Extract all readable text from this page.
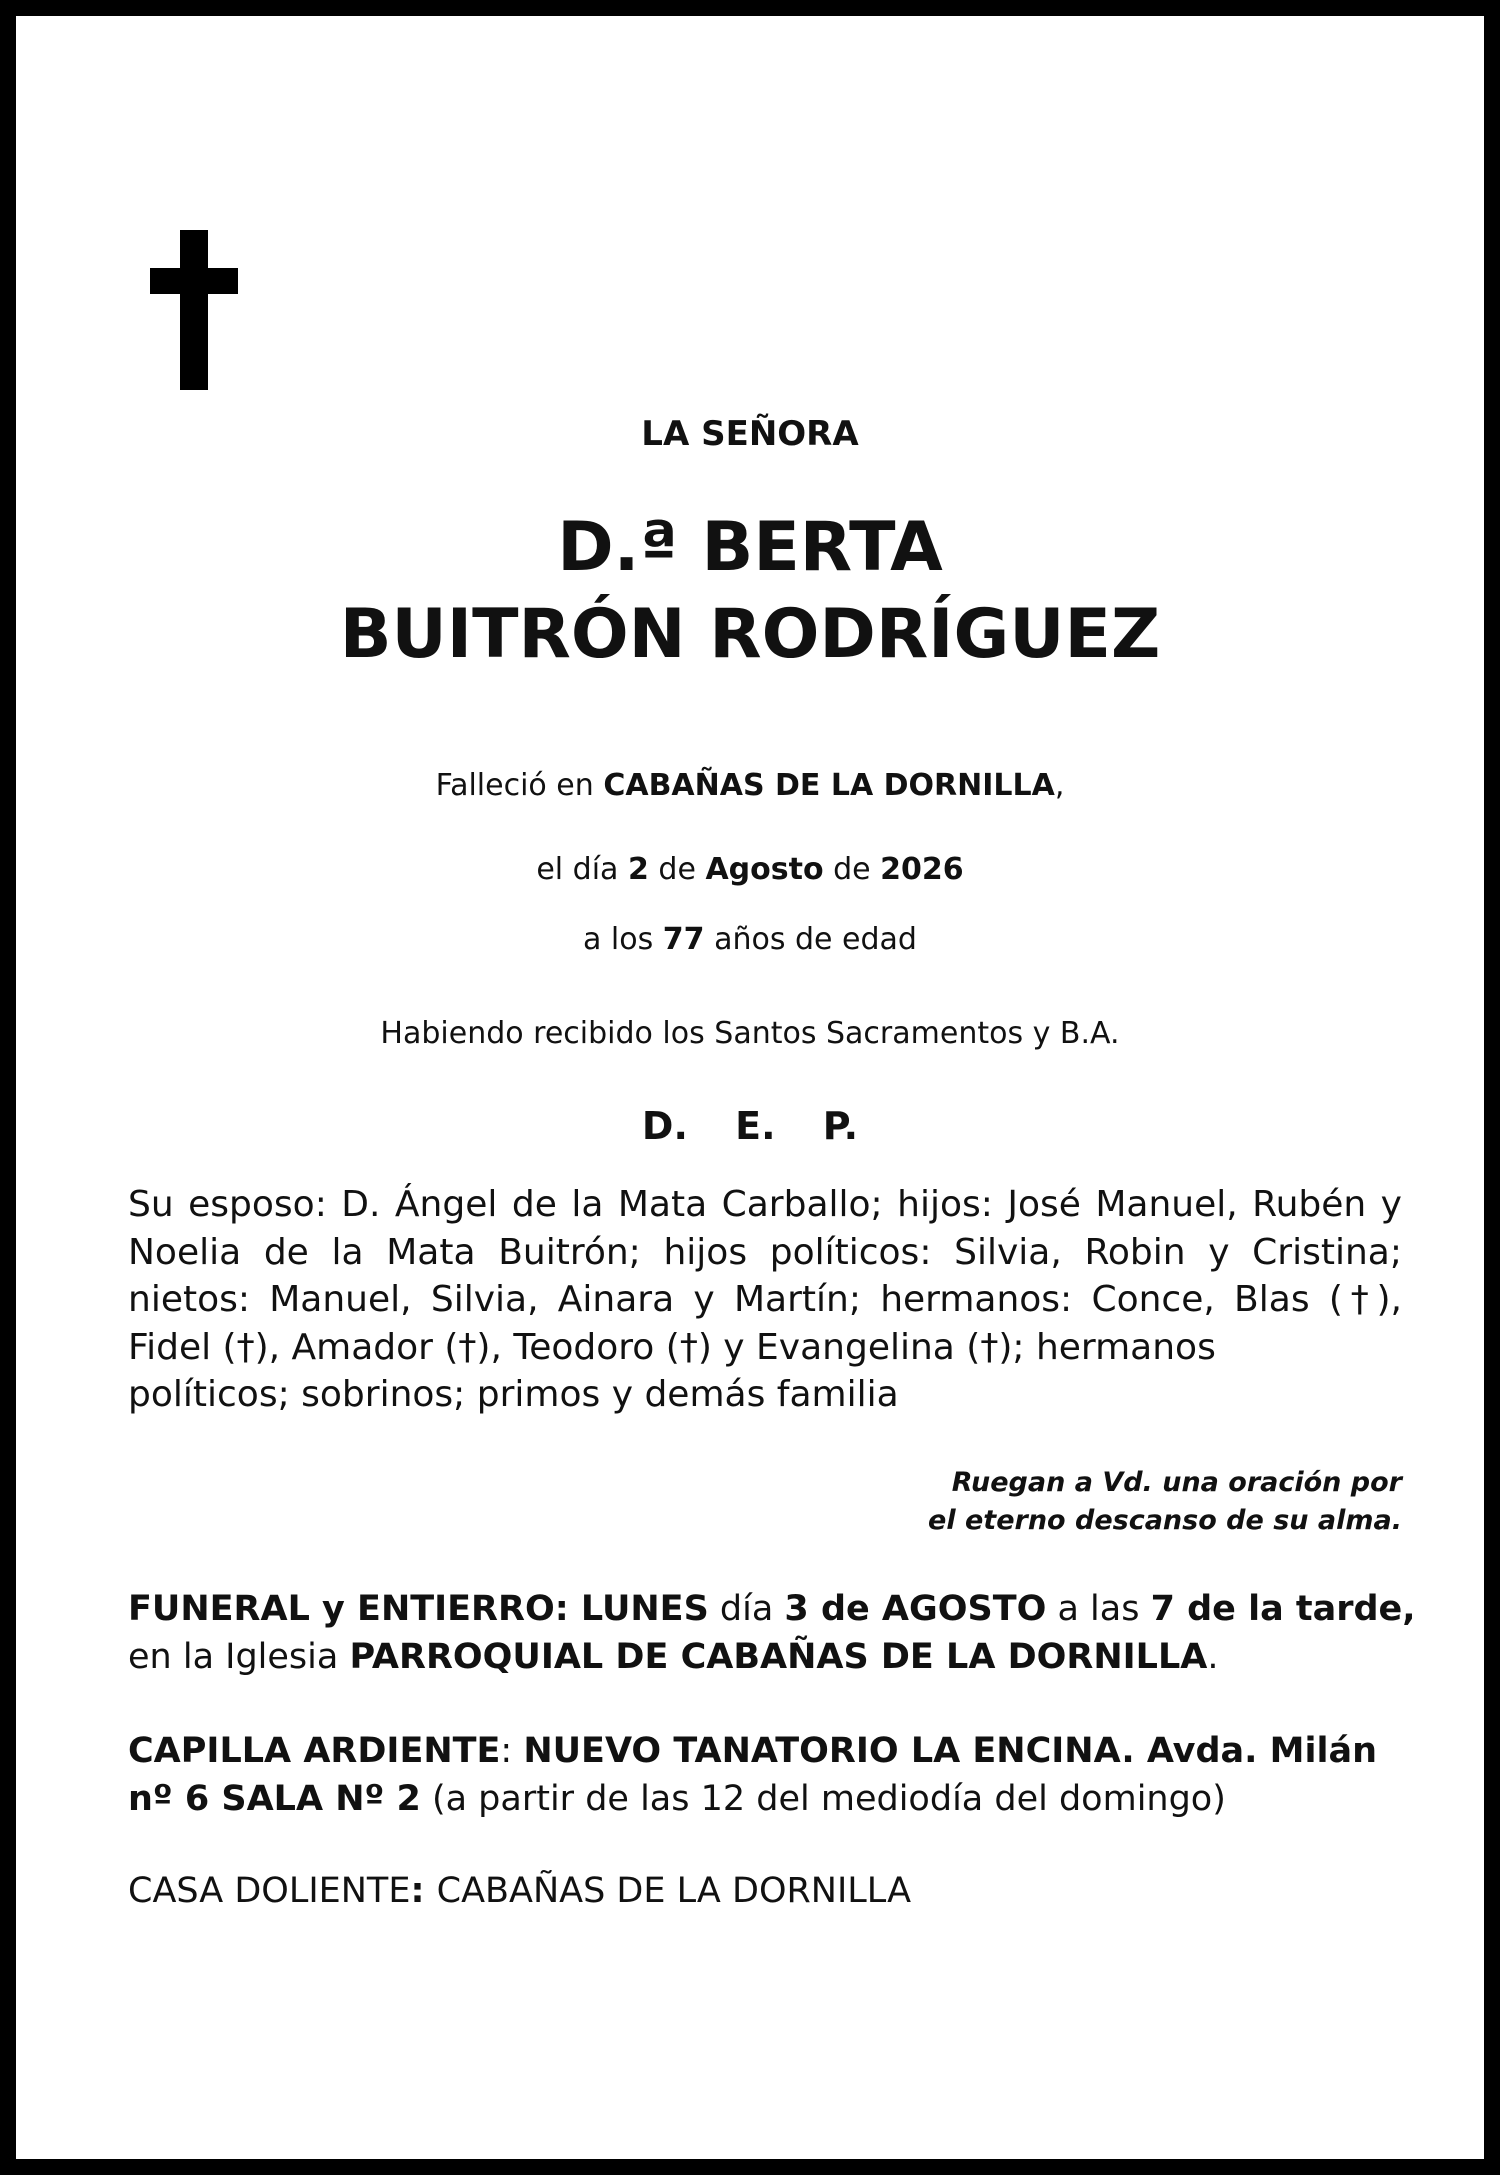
LA SEÑORA
D.ª BERTA
BUITRÓN RODRÍGUEZ
Falleció en CABAÑAS DE LA DORNILLA,
el día 2 de Agosto de 2026
a los 77 años de edad
Habiendo recibido los Santos Sacramentos y B.A.
D. E. P.
Su esposo: D. Ángel de la Mata Carballo; hijos: José Manuel, Rubén y Noelia de la Mata Buitrón; hijos políticos: Silvia, Robin y Cristina; nietos: Manuel, Silvia, Ainara y Martín; hermanos: Conce, Blas (†), Fidel (†), Amador (†), Teodoro (†) y Evangelina (†); hermanos
políticos; sobrinos; primos y demás familia
Ruegan a Vd. una oración por
el eterno descanso de su alma.
FUNERAL y ENTIERRO: LUNES día 3 de AGOSTO a las 7 de la tarde, en la Iglesia PARROQUIAL DE CABAÑAS DE LA DORNILLA.
CAPILLA ARDIENTE: NUEVO TANATORIO LA ENCINA. Avda. Milán nº 6 SALA Nº 2 (a partir de las 12 del mediodía del domingo)
CASA DOLIENTE: CABAÑAS DE LA DORNILLA
